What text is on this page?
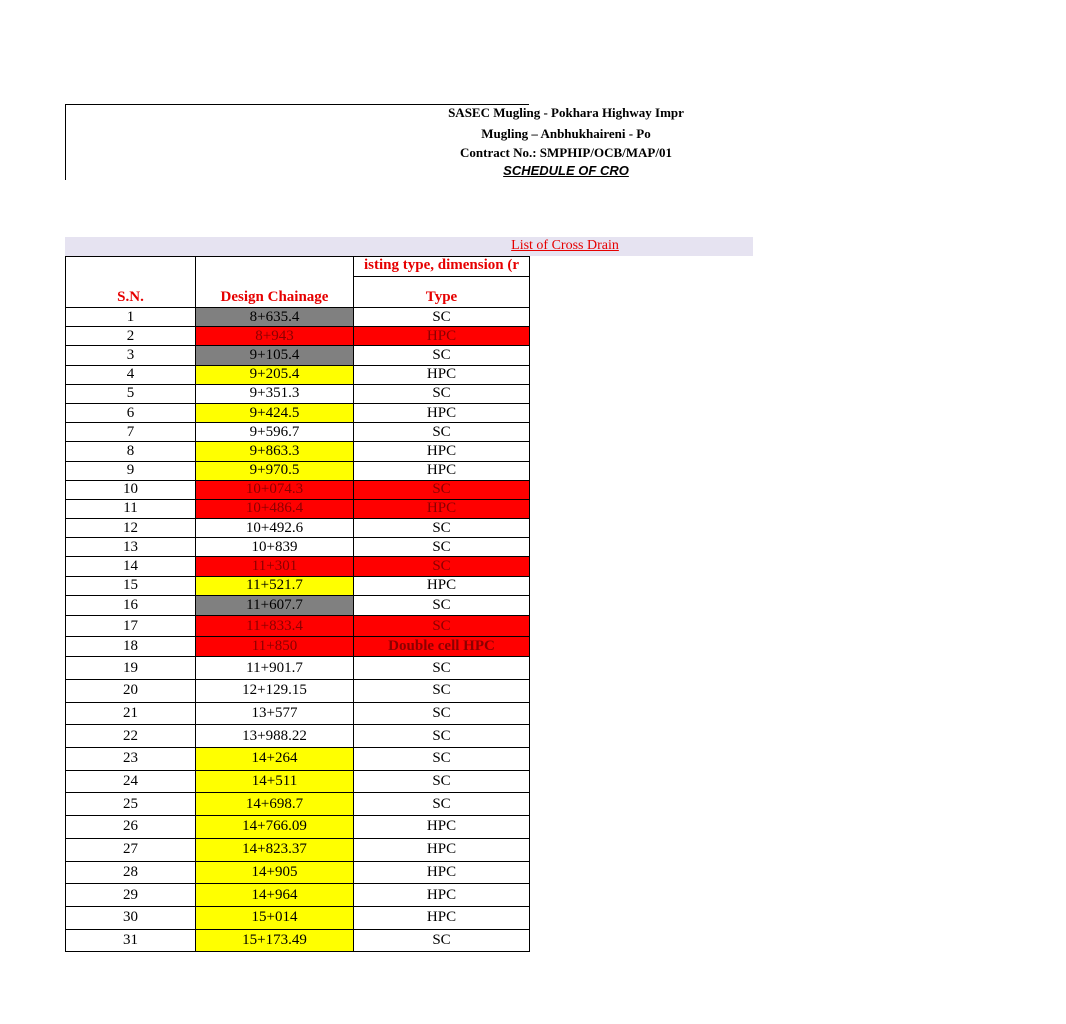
SASEC Mugling - Pokhara Highway Impr
Mugling – Anbhukhaireni - Po
Contract No.: SMPHIP/OCB/MAP/01
SCHEDULE OF CRO
List of Cross Drain
S.N.	Design Chainage	isting type, dimension (r
		Type
1	8+635.4	SC
2	8+943	HPC
3	9+105.4	SC
4	9+205.4	HPC
5	9+351.3	SC
6	9+424.5	HPC
7	9+596.7	SC
8	9+863.3	HPC
9	9+970.5	HPC
10	10+074.3	SC
11	10+486.4	HPC
12	10+492.6	SC
13	10+839	SC
14	11+301	SC
15	11+521.7	HPC
16	11+607.7	SC
17	11+833.4	SC
18	11+850	Double cell HPC
19	11+901.7	SC
20	12+129.15	SC
21	13+577	SC
22	13+988.22	SC
23	14+264	SC
24	14+511	SC
25	14+698.7	SC
26	14+766.09	HPC
27	14+823.37	HPC
28	14+905	HPC
29	14+964	HPC
30	15+014	HPC
31	15+173.49	SC
